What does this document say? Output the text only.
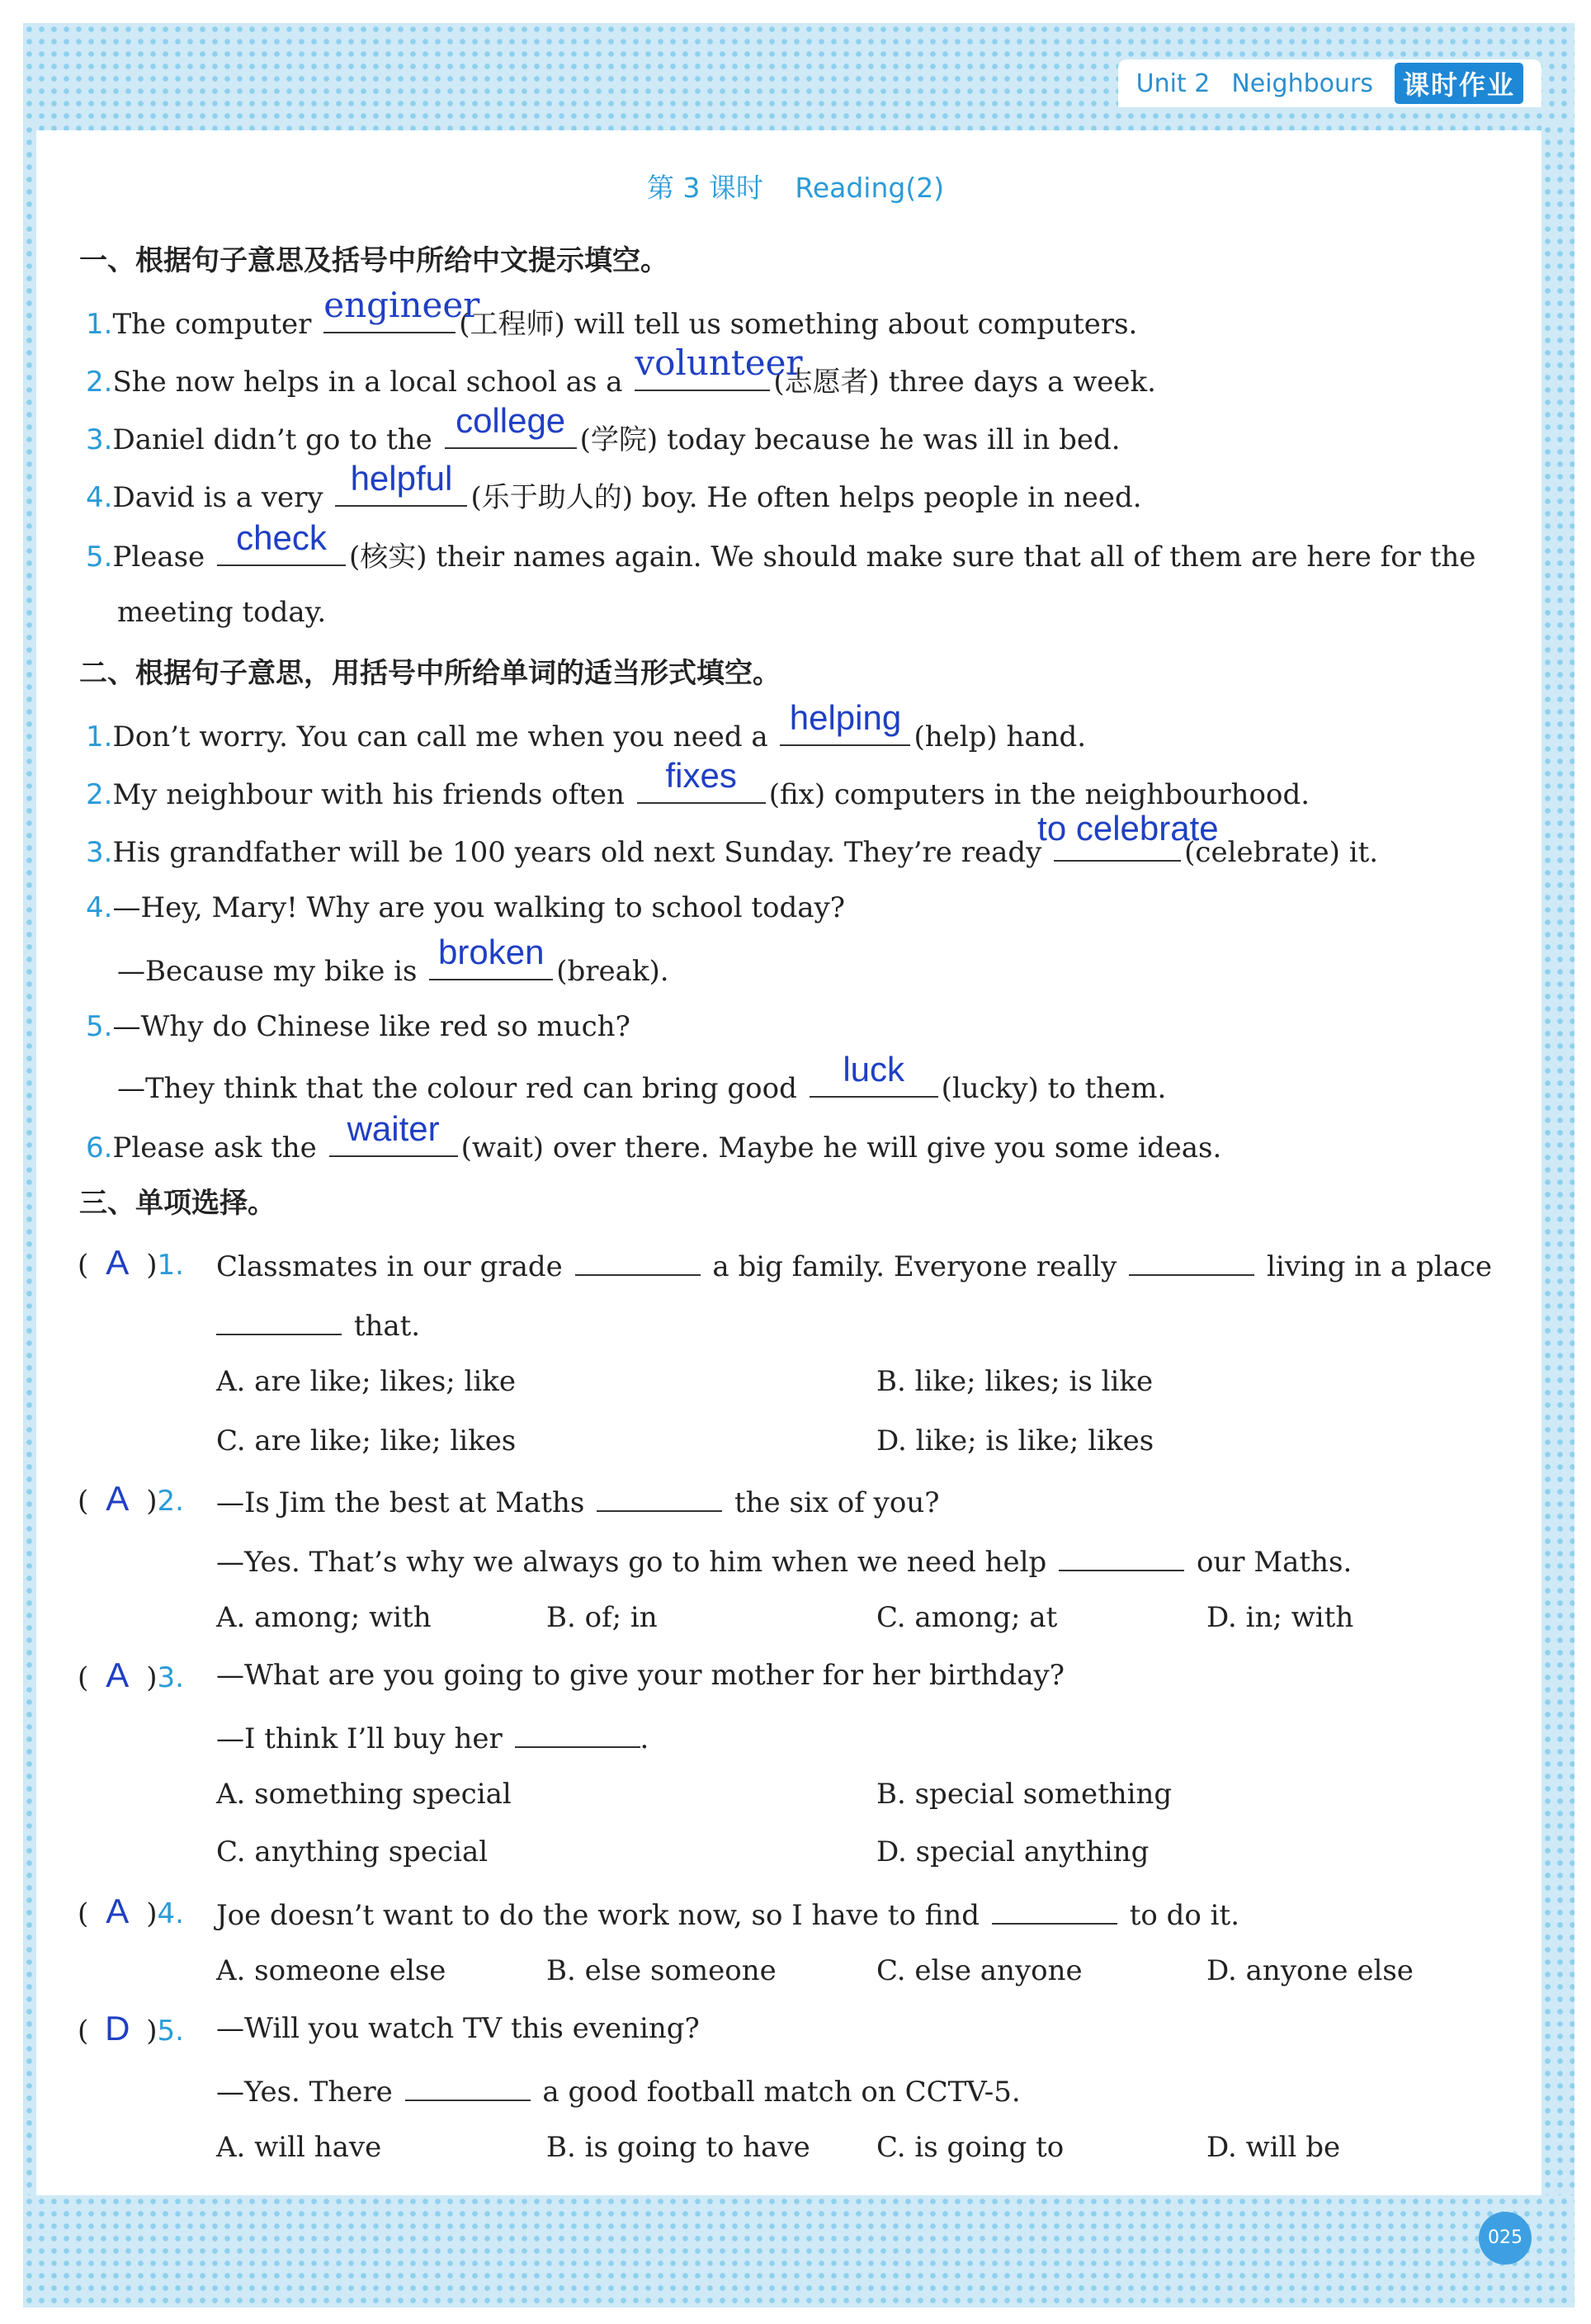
Unit 2 Neighbours	课时作业
第 3 课时 Reading(2)
一、根据句子意思及括号中所给中文提示填空。
1.The computer engineer
(工程师) will tell us something about computers.
2.She now helps in a local school as a volunteer
(志愿者) three days a week.
3.Daniel didn’t go to the college (学院) today because he was ill in bed.
4.David is a very helpful (乐于助人的) boy. He often helps people in need.
5.Please check (核实) their names again. We should make sure that all of them are here for the
meeting today.
二、根据句子意思，用括号中所给单词的适当形式填空。
1.Don’t worry. You can call me when you need a helping (help) hand.
2.My neighbour with his friends often	fixes	(fix) computers in the neighbourhood.
3.His grandfather will be 100 years old next Sunday. They’re ready
to celebrate
(celebrate) it.
4.—Hey, Mary! Why are you walking to school today?
—Because my bike is broken (break).
5.—Why do Chinese like red so much?
—They think that the colour red can bring good	luck	(lucky) to them.
6.Please ask the waiter (wait) over there. Maybe he will give you some ideas.
三、单项选择。
( A )1. Classmates in our grade	a big family. Everyone really	living in a place
that.
A. are like; likes; like	B. like; likes; is like
C. are like; like; likes	D. like; is like; likes
( A )2. —Is Jim the best at Maths	the six of you?
—Yes. That’s why we always go to him when we need help	our Maths.
A. among; with	B. of; in	C. among; at	D. in; with
( A )3. —What are you going to give your mother for her birthday?
—I think I’ll buy her	.
A. something special	B. special something
C. anything special	D. special anything
( A )4. Joe doesn’t want to do the work now, so I have to find	to do it.
A. someone else	B. else someone	C. else anyone	D. anyone else
( D )5. —Will you watch TV this evening?
—Yes. There	a good football match on CCTV-5.
A. will have	B. is going to have C. is going to	D. will be
025
